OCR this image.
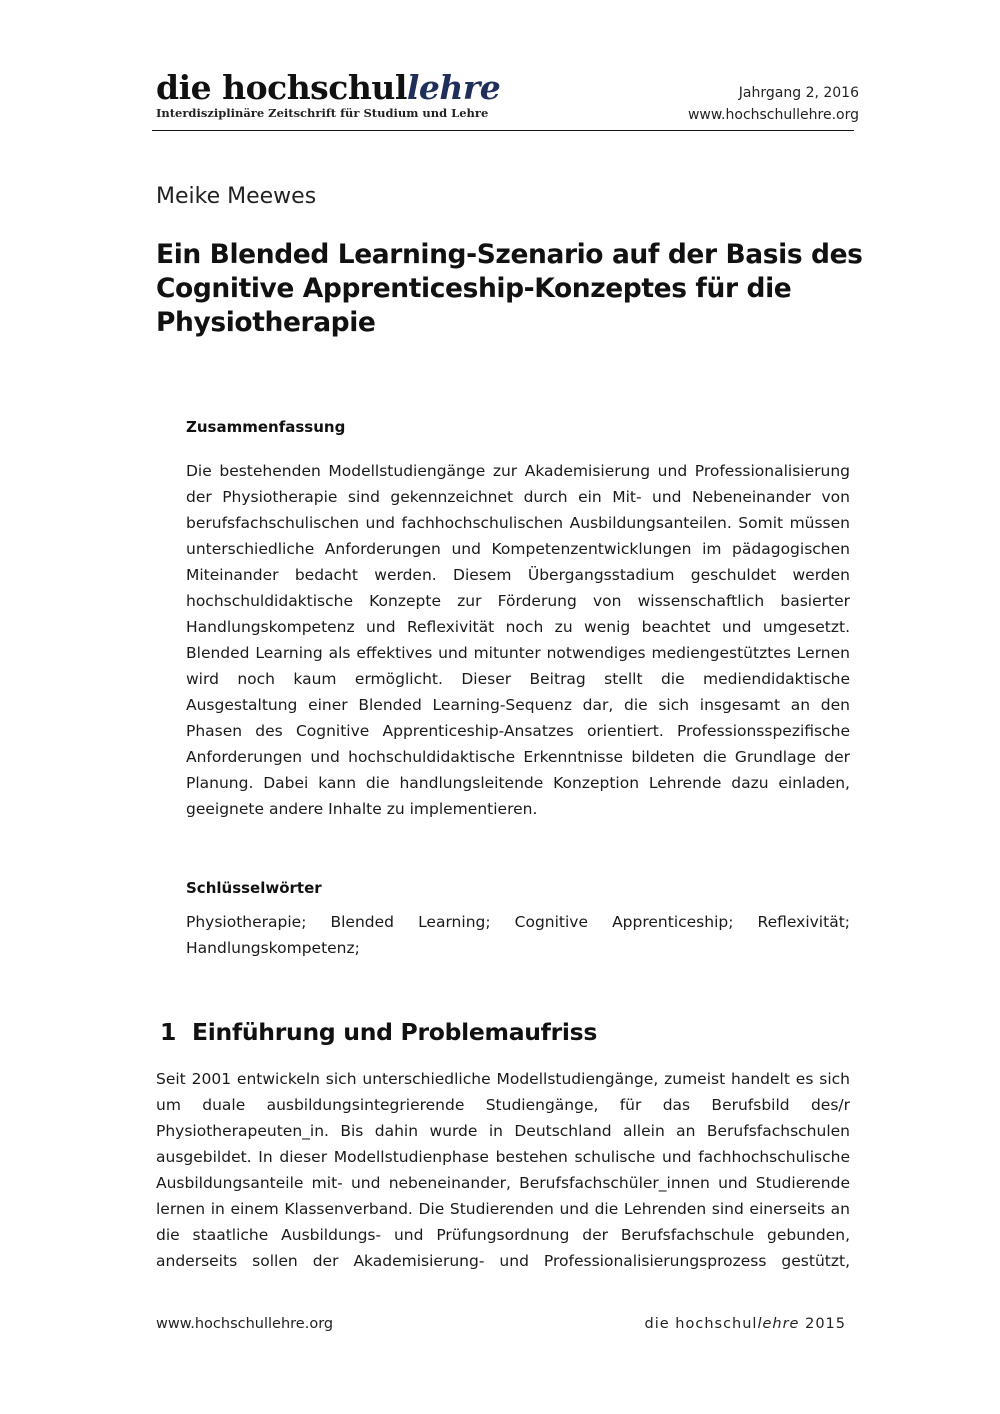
die hochschullehre
Interdisziplinäre Zeitschrift für Studium und Lehre
Jahrgang 2, 2016
www.hochschullehre.org
Meike Meewes
Ein Blended Learning-Szenario auf der Basis des
Cognitive Apprenticeship-Konzeptes für die
Physiotherapie
Zusammenfassung
Die bestehenden Modellstudiengänge zur Akademisierung und Professionalisierung
der Physiotherapie sind gekennzeichnet durch ein Mit- und Nebeneinander von
berufsfachschulischen und fachhochschulischen Ausbildungsanteilen. Somit müssen
unterschiedliche Anforderungen und Kompetenzentwicklungen im pädagogischen
Miteinander bedacht werden. Diesem Übergangsstadium geschuldet werden
hochschuldidaktische Konzepte zur Förderung von wissenschaftlich basierter
Handlungskompetenz und Reflexivität noch zu wenig beachtet und umgesetzt.
Blended Learning als effektives und mitunter notwendiges mediengestütztes Lernen
wird noch kaum ermöglicht. Dieser Beitrag stellt die mediendidaktische
Ausgestaltung einer Blended Learning-Sequenz dar, die sich insgesamt an den
Phasen des Cognitive Apprenticeship-Ansatzes orientiert. Professionsspezifische
Anforderungen und hochschuldidaktische Erkenntnisse bildeten die Grundlage der
Planung. Dabei kann die handlungsleitende Konzeption Lehrende dazu einladen,
geeignete andere Inhalte zu implementieren.
Schlüsselwörter
Physiotherapie; Blended Learning; Cognitive Apprenticeship; Reflexivität;
Handlungskompetenz;
1 Einführung und Problemaufriss
Seit 2001 entwickeln sich unterschiedliche Modellstudiengänge, zumeist handelt es sich
um duale ausbildungsintegrierende Studiengänge, für das Berufsbild des/r
Physiotherapeuten_in. Bis dahin wurde in Deutschland allein an Berufsfachschulen
ausgebildet. In dieser Modellstudienphase bestehen schulische und fachhochschulische
Ausbildungsanteile mit- und nebeneinander, Berufsfachschüler_innen und Studierende
lernen in einem Klassenverband. Die Studierenden und die Lehrenden sind einerseits an
die staatliche Ausbildungs- und Prüfungsordnung der Berufsfachschule gebunden,
anderseits sollen der Akademisierung- und Professionalisierungsprozess gestützt,
www.hochschullehre.org	die hochschullehre 2015
